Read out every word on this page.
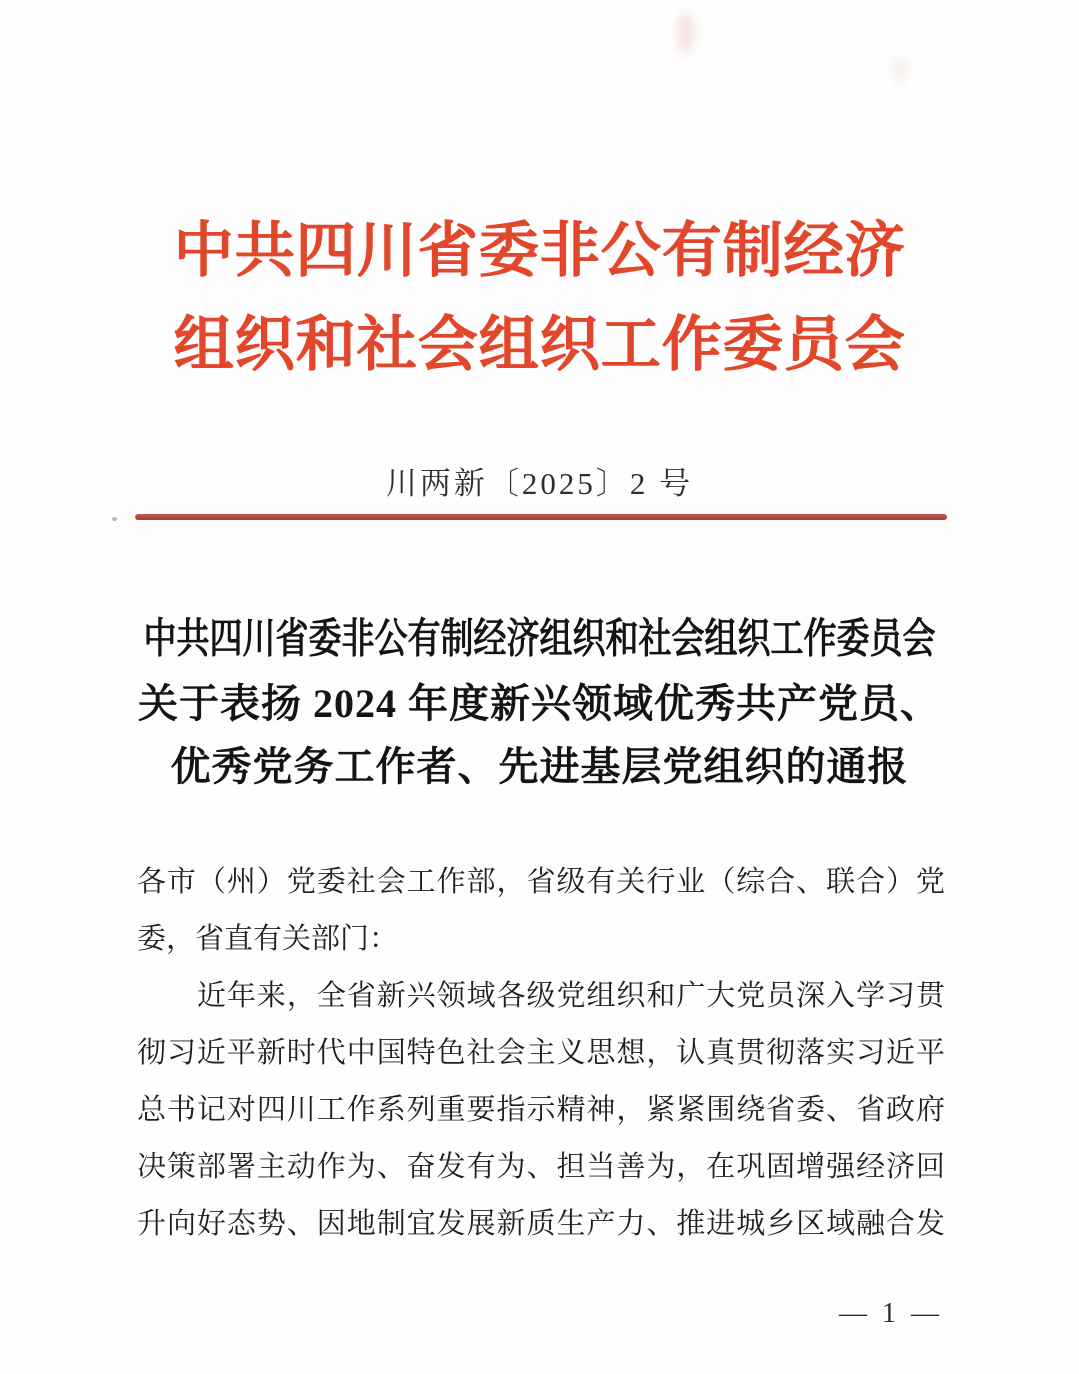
中共四川省委非公有制经济
组织和社会组织工作委员会
川两新〔2025〕2 号
中共四川省委非公有制经济组织和社会组织工作委员会
关于表扬 2024 年度新兴领域优秀共产党员、
优秀党务工作者、先进基层党组织的通报
各市（州）党委社会工作部，省级有关行业（综合、联合）党
委，省直有关部门：
近年来，全省新兴领域各级党组织和广大党员深入学习贯
彻习近平新时代中国特色社会主义思想，认真贯彻落实习近平
总书记对四川工作系列重要指示精神，紧紧围绕省委、省政府
决策部署主动作为、奋发有为、担当善为，在巩固增强经济回
升向好态势、因地制宜发展新质生产力、推进城乡区域融合发
— 1 —
